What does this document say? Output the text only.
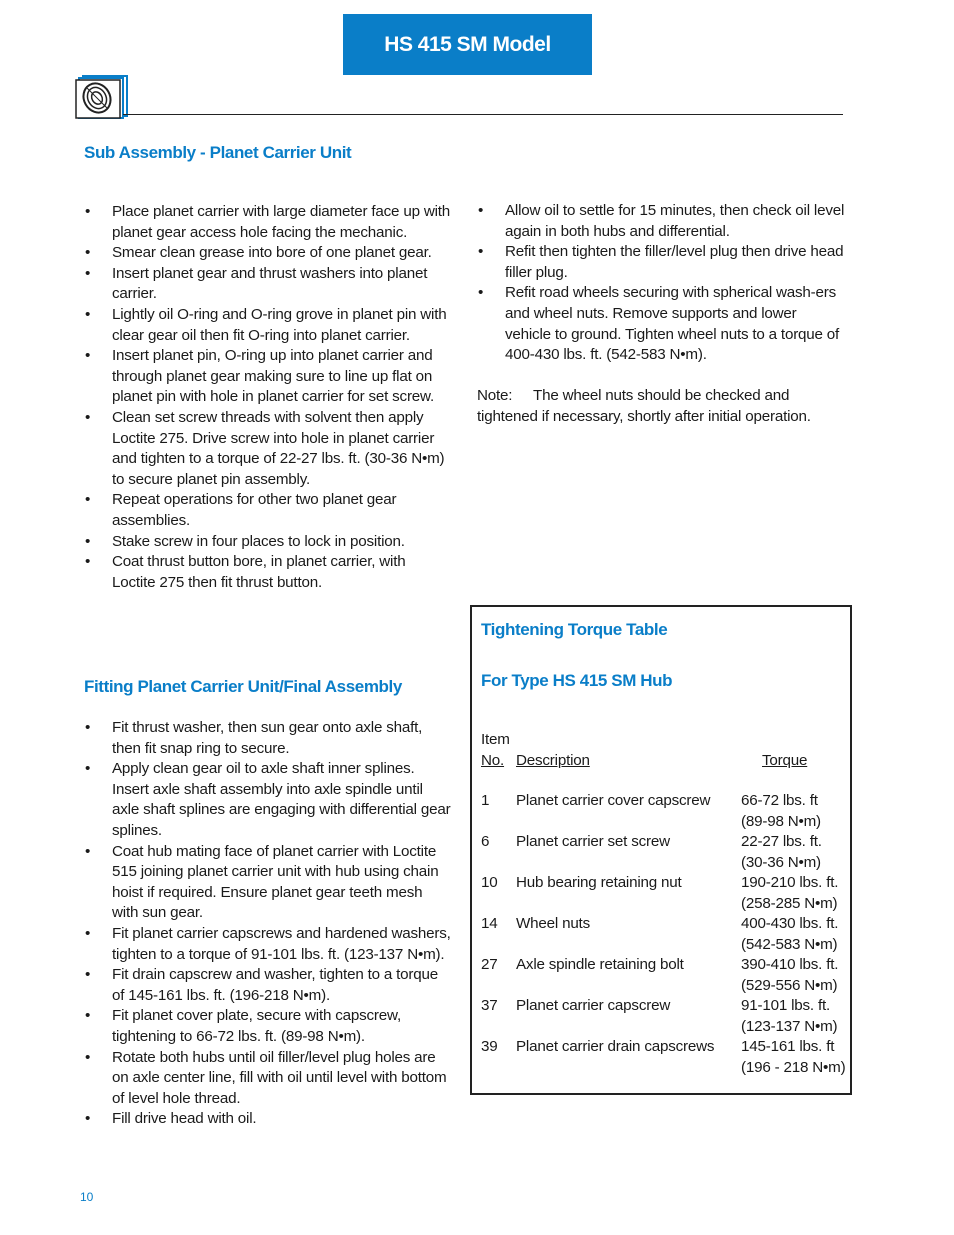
HS 415 SM Model
Sub Assembly - Planet Carrier Unit
• Place planet carrier with large diameter face up with planet gear access hole facing the mechanic.
• Smear clean grease into bore of one planet gear.
• Insert planet gear and thrust washers into planet carrier.
• Lightly oil O-ring and O-ring grove in planet pin with clear gear oil then fit O-ring into planet carrier.
• Insert planet pin, O-ring up into planet carrier and through planet gear making sure to line up flat on planet pin with hole in planet carrier for set screw.
• Clean set screw threads with solvent then apply Loctite 275. Drive screw into hole in planet carrier and tighten to a torque of 22-27 lbs. ft. (30-36 N•m) to secure planet pin assembly.
• Repeat operations for other two planet gear assemblies.
• Stake screw in four places to lock in position.
• Coat thrust button bore, in planet carrier, with Loctite 275 then fit thrust button.
Fitting Planet Carrier Unit/Final Assembly
• Fit thrust washer, then sun gear onto axle shaft, then fit snap ring to secure.
• Apply clean gear oil to axle shaft inner splines. Insert axle shaft assembly into axle spindle until axle shaft splines are engaging with differential gear splines.
• Coat hub mating face of planet carrier with Loctite 515 joining planet carrier unit with hub using chain hoist if required. Ensure planet gear teeth mesh with sun gear.
• Fit planet carrier capscrews and hardened washers, tighten to a torque of 91-101 lbs. ft. (123-137 N•m).
• Fit drain capscrew and washer, tighten to a torque of 145-161 lbs. ft. (196-218 N•m).
• Fit planet cover plate, secure with capscrew, tightening to 66-72 lbs. ft. (89-98 N•m).
• Rotate both hubs until oil filler/level plug holes are on axle center line, fill with oil until level with bottom of level hole thread.
• Fill drive head with oil.
• Allow oil to settle for 15 minutes, then check oil level again in both hubs and differential.
• Refit then tighten the filler/level plug then drive head filler plug.
• Refit road wheels securing with spherical wash-ers and wheel nuts. Remove supports and lower vehicle to ground. Tighten wheel nuts to a torque of 400-430 lbs. ft. (542-583 N•m).

Note: The wheel nuts should be checked and tightened if necessary, shortly after initial operation.

Tightening Torque Table
For Type HS 415 SM Hub
Item
No. Description	Torque
1 Planet carrier cover capscrew 66-72 lbs. ft
(89-98 N•m)
6 Planet carrier set screw	22-27 lbs. ft.
(30-36 N•m)
10 Hub bearing retaining nut	190-210 lbs. ft.
(258-285 N•m)
14 Wheel nuts	400-430 lbs. ft.
(542-583 N•m)
27 Axle spindle retaining bolt	390-410 lbs. ft.
(529-556 N•m)
37 Planet carrier capscrew	91-101 lbs. ft.
(123-137 N•m)
39 Planet carrier drain capscrews 145-161 lbs. ft
(196 - 218 N•m)
10
